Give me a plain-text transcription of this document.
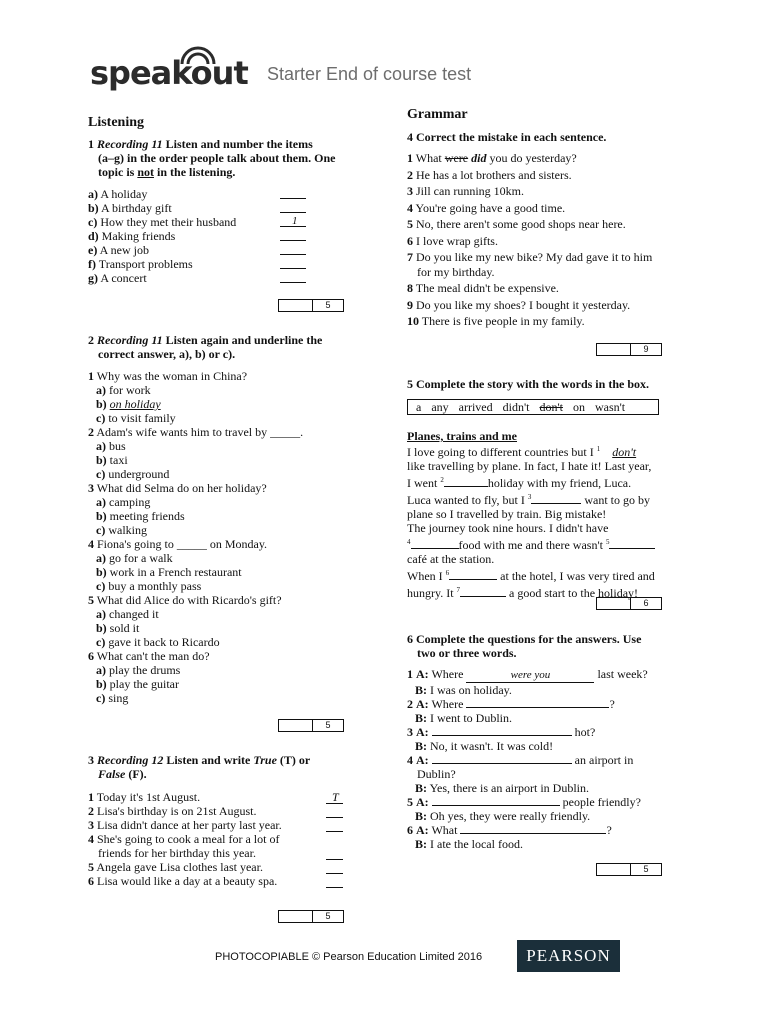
speakout Starter End of course test
Listening
1 Recording 11 Listen and number the items
(a–g) in the order people talk about them. One
topic is not in the listening.
a) A holiday
b) A birthday gift
c) How they met their husband
d) Making friends
e) A new job
f) Transport problems
g) A concert
1
5
2 Recording 11 Listen again and underline the
correct answer, a), b) or c).
1 Why was the woman in China?
a) for work
b) on holiday
c) to visit family
2 Adam's wife wants him to travel by _____.
a) bus
b) taxi
c) underground
3 What did Selma do on her holiday?
a) camping
b) meeting friends
c) walking
4 Fiona's going to _____ on Monday.
a) go for a walk
b) work in a French restaurant
c) buy a monthly pass
5 What did Alice do with Ricardo's gift?
a) changed it
b) sold it
c) gave it back to Ricardo
6 What can't the man do?
a) play the drums
b) play the guitar
c) sing
5
3 Recording 12 Listen and write True (T) or
False (F).
1 Today it's 1st August.
2 Lisa's birthday is on 21st August.
3 Lisa didn't dance at her party last year.
4 She's going to cook a meal for a lot of
friends for her birthday this year.
5 Angela gave Lisa clothes last year.
6 Lisa would like a day at a beauty spa.
T
5
Grammar
4 Correct the mistake in each sentence.
1 What were did you do yesterday?
2 He has a lot brothers and sisters.
3 Jill can running 10km.
4 You're going have a good time.
5 No, there aren't some good shops near here.
6 I love wrap gifts.
7 Do you like my new bike? My dad gave it to him
for my birthday.
8 The meal didn't be expensive.
9 Do you like my shoes? I bought it yesterday.
10 There is five people in my family.
9
5 Complete the story with the words in the box.
a any arrived didn't don't on wasn't
Planes, trains and me
I love going to different countries but I $^1$ don't
like travelling by plane. In fact, I hate it! Last year,
I went $^2$	holiday with my friend, Luca.
Luca wanted to fly, but I $^3$	want to go by
plane so I travelled by train. Big mistake!
The journey took nine hours. I didn't have
$^4$	food with me and there wasn't $^5$
café at the station.
When I $^6$	at the hotel, I was very tired and
hungry. It $^7$	a good start to the holiday!
6
6 Complete the questions for the answers. Use
two or three words.
1 A: Where	were you	last week?
B: I was on holiday.
2 A: Where	?
B: I went to Dublin.
3 A:	hot?
B: No, it wasn't. It was cold!
4 A:	an airport in
Dublin?
B: Yes, there is an airport in Dublin.
5 A:	people friendly?
B: Oh yes, they were really friendly.
6 A: What	?
B: I ate the local food.
5
PHOTOCOPIABLE © Pearson Education Limited 2016	PEARSON
